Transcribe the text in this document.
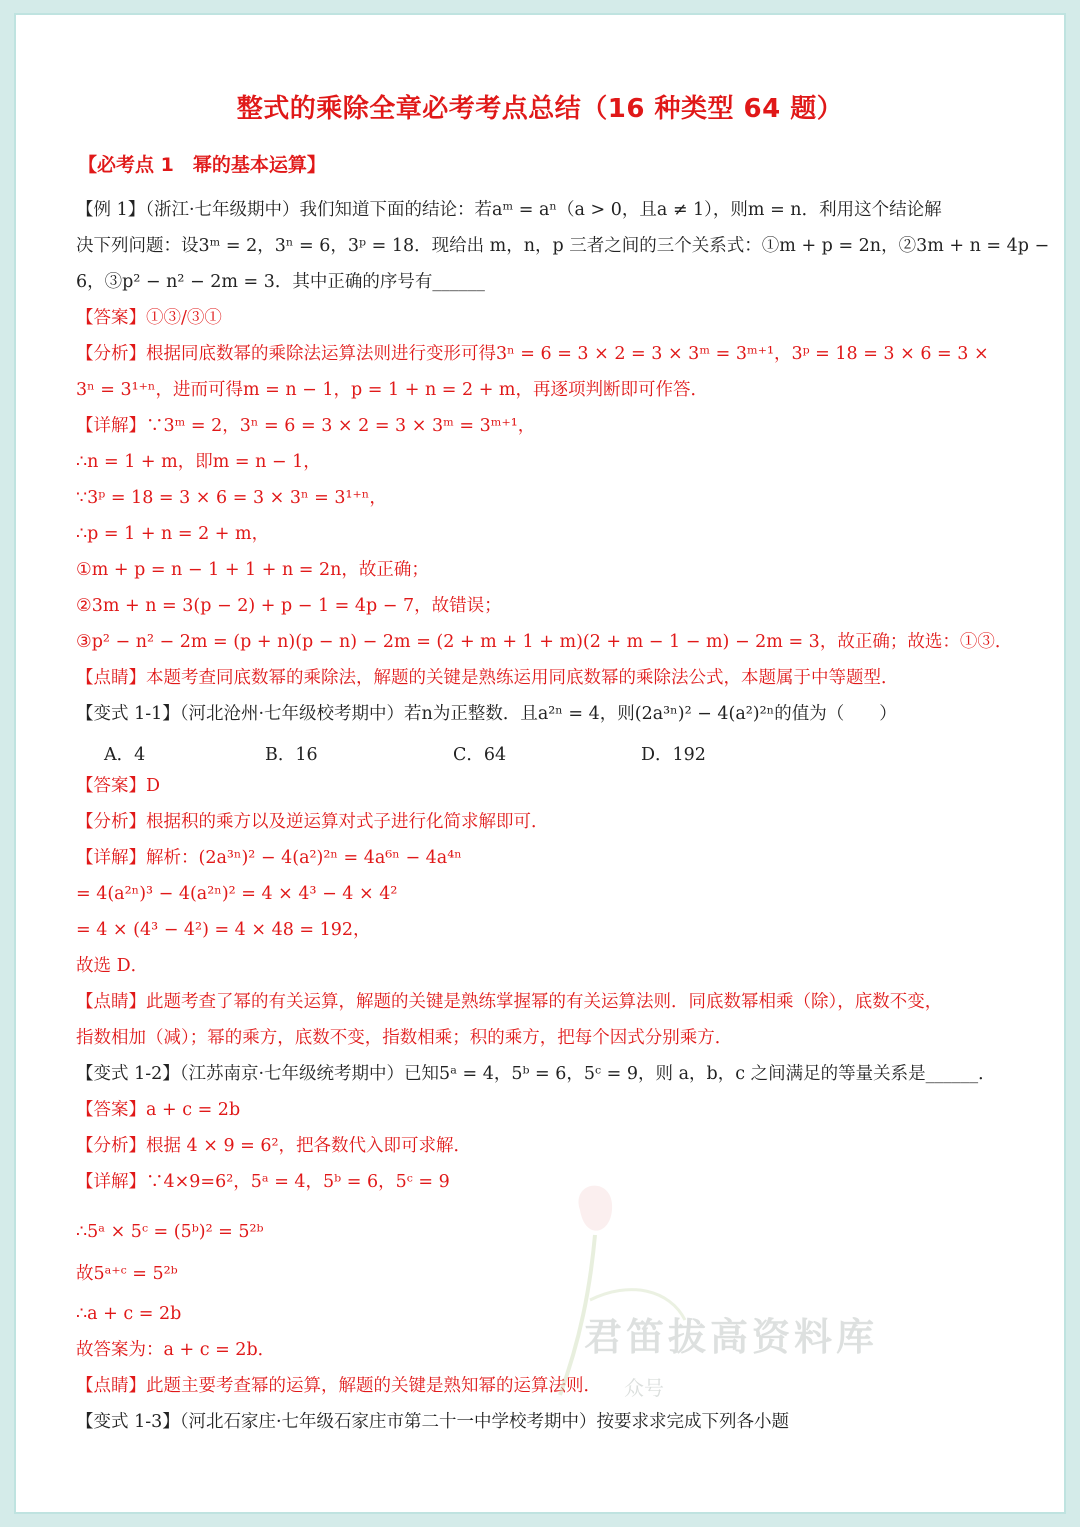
整式的乘除全章必考考点总结（16 种类型 64 题）
【必考点 1　幂的基本运算】
【例 1】（浙江·七年级期中）我们知道下面的结论：若aᵐ = aⁿ（a > 0，且a ≠ 1），则m = n．利用这个结论解
决下列问题：设3ᵐ = 2，3ⁿ = 6，3ᵖ = 18．现给出 m，n，p 三者之间的三个关系式：①m + p = 2n，②3m + n = 4p −
6，③p² − n² − 2m = 3．其中正确的序号有______
【答案】①③/③①
【分析】根据同底数幂的乘除法运算法则进行变形可得3ⁿ = 6 = 3 × 2 = 3 × 3ᵐ = 3ᵐ⁺¹，3ᵖ = 18 = 3 × 6 = 3 ×
3ⁿ = 3¹⁺ⁿ，进而可得m = n − 1，p = 1 + n = 2 + m，再逐项判断即可作答．
【详解】∵3ᵐ = 2，3ⁿ = 6 = 3 × 2 = 3 × 3ᵐ = 3ᵐ⁺¹，
∴n = 1 + m，即m = n − 1，
∵3ᵖ = 18 = 3 × 6 = 3 × 3ⁿ = 3¹⁺ⁿ，
∴p = 1 + n = 2 + m，
①m + p = n − 1 + 1 + n = 2n，故正确；
②3m + n = 3(p − 2) + p − 1 = 4p − 7，故错误；
③p² − n² − 2m = (p + n)(p − n) − 2m = (2 + m + 1 + m)(2 + m − 1 − m) − 2m = 3，故正确；故选：①③．
【点睛】本题考查同底数幂的乘除法，解题的关键是熟练运用同底数幂的乘除法公式，本题属于中等题型．
【变式 1-1】（河北沧州·七年级校考期中）若n为正整数．且a²ⁿ = 4，则(2a³ⁿ)² − 4(a²)²ⁿ的值为（　　）
【答案】D
【分析】根据积的乘方以及逆运算对式子进行化简求解即可．
【详解】解析：(2a³ⁿ)² − 4(a²)²ⁿ = 4a⁶ⁿ − 4a⁴ⁿ
= 4(a²ⁿ)³ − 4(a²ⁿ)² = 4 × 4³ − 4 × 4²
= 4 × (4³ − 4²) = 4 × 48 = 192，
故选 D．
【点睛】此题考查了幂的有关运算，解题的关键是熟练掌握幂的有关运算法则．同底数幂相乘（除），底数不变，
指数相加（减）；幂的乘方，底数不变，指数相乘；积的乘方，把每个因式分别乘方．
【变式 1-2】（江苏南京·七年级统考期中）已知5ᵃ = 4，5ᵇ = 6，5ᶜ = 9，则 a，b，c 之间满足的等量关系是______．
【答案】a + c = 2b
【分析】根据 4 × 9 = 6²，把各数代入即可求解．
【详解】∵4×9=6²，5ᵃ = 4，5ᵇ = 6，5ᶜ = 9
∴5ᵃ × 5ᶜ = (5ᵇ)² = 5²ᵇ
故5ᵃ⁺ᶜ = 5²ᵇ
∴a + c = 2b
故答案为：a + c = 2b．
【点睛】此题主要考查幂的运算，解题的关键是熟知幂的运算法则．
【变式 1-3】（河北石家庄·七年级石家庄市第二十一中学校考期中）按要求求完成下列各小题
A．4	B．16	C．64	D．192
君笛拔高资料库
众号
